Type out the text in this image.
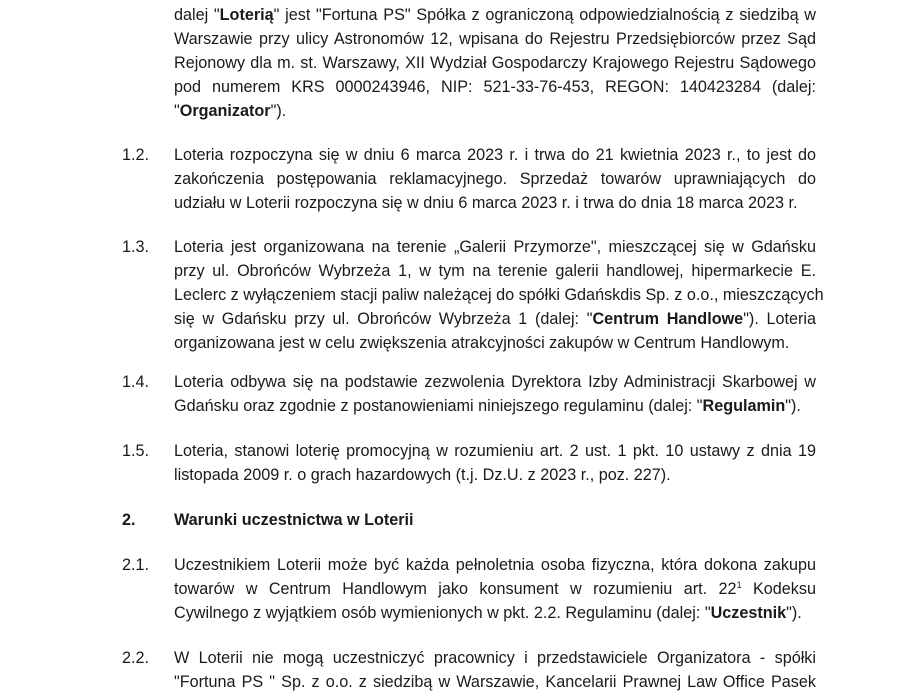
dalej "Loterią" jest "Fortuna PS" Spółka z ograniczoną odpowiedzialnością z siedzibą w
Warszawie przy ulicy Astronomów 12, wpisana do Rejestru Przedsiębiorców przez Sąd
Rejonowy dla m. st. Warszawy, XII Wydział Gospodarczy Krajowego Rejestru Sądowego
pod numerem KRS 0000243946, NIP: 521-33-76-453, REGON: 140423284 (dalej:
"Organizator").
1.2. Loteria rozpoczyna się w dniu 6 marca 2023 r. i trwa do 21 kwietnia 2023 r., to jest do
zakończenia postępowania reklamacyjnego. Sprzedaż towarów uprawniających do
udziału w Loterii rozpoczyna się w dniu 6 marca 2023 r. i trwa do dnia 18 marca 2023 r.
1.3. Loteria jest organizowana na terenie „Galerii Przymorze", mieszczącej się w Gdańsku
przy ul. Obrońców Wybrzeża 1, w tym na terenie galerii handlowej, hipermarkecie E.
Leclerc z wyłączeniem stacji paliw należącej do spółki Gdańskdis Sp. z o.o., mieszczących
się w Gdańsku przy ul. Obrońców Wybrzeża 1 (dalej: "Centrum Handlowe"). Loteria
organizowana jest w celu zwiększenia atrakcyjności zakupów w Centrum Handlowym.
1.4. Loteria odbywa się na podstawie zezwolenia Dyrektora Izby Administracji Skarbowej w
Gdańsku oraz zgodnie z postanowieniami niniejszego regulaminu (dalej: "Regulamin").
1.5. Loteria, stanowi loterię promocyjną w rozumieniu art. 2 ust. 1 pkt. 10 ustawy z dnia 19
listopada 2009 r. o grach hazardowych (t.j. Dz.U. z 2023 r., poz. 227).
2. Warunki uczestnictwa w Loterii
2.1. Uczestnikiem Loterii może być każda pełnoletnia osoba fizyczna, która dokona zakupu
towarów w Centrum Handlowym jako konsument w rozumieniu art. $22^1$ Kodeksu
Cywilnego z wyjątkiem osób wymienionych w pkt. 2.2. Regulaminu (dalej: "Uczestnik").
2.2. W Loterii nie mogą uczestniczyć pracownicy i przedstawiciele Organizatora - spółki
"Fortuna PS " Sp. z o.o. z siedzibą w Warszawie, Kancelarii Prawnej Law Office Pasek
